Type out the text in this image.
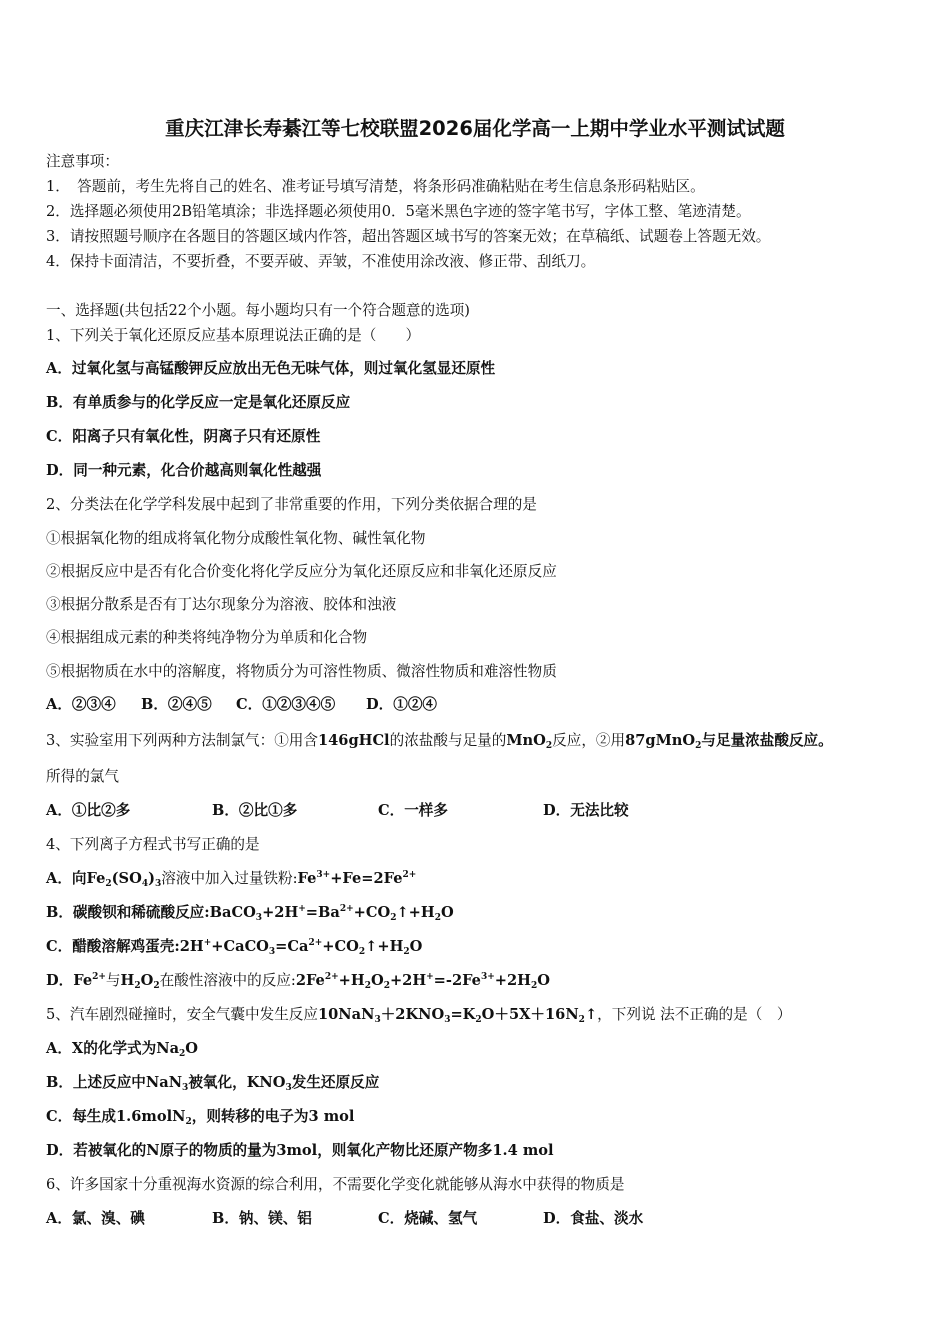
重庆江津长寿綦江等七校联盟2026届化学高一上期中学业水平测试试题
注意事项：
1．　答题前，考生先将自己的姓名、准考证号填写清楚，将条形码准确粘贴在考生信息条形码粘贴区。
2．选择题必须使用2B铅笔填涂；非选择题必须使用0．5毫米黑色字迹的签字笔书写，字体工整、笔迹清楚。
3．请按照题号顺序在各题目的答题区域内作答，超出答题区域书写的答案无效；在草稿纸、试题卷上答题无效。
4．保持卡面清洁，不要折叠，不要弄破、弄皱，不准使用涂改液、修正带、刮纸刀。
一、选择题(共包括22个小题。每小题均只有一个符合题意的选项)
1、下列关于氧化还原反应基本原理说法正确的是（　　）
A．过氧化氢与高锰酸钾反应放出无色无味气体，则过氧化氢显还原性
B．有单质参与的化学反应一定是氧化还原反应
C．阳离子只有氧化性，阴离子只有还原性
D．同一种元素，化合价越高则氧化性越强
2、分类法在化学学科发展中起到了非常重要的作用，下列分类依据合理的是
①根据氧化物的组成将氧化物分成酸性氧化物、碱性氧化物
②根据反应中是否有化合价变化将化学反应分为氧化还原反应和非氧化还原反应
③根据分散系是否有丁达尔现象分为溶液、胶体和浊液
④根据组成元素的种类将纯净物分为单质和化合物
⑤根据物质在水中的溶解度，将物质分为可溶性物质、微溶性物质和难溶性物质
A．②③④ B．②④⑤ C．①②③④⑤ D．①②④
3、实验室用下列两种方法制氯气：①用含146gHCl的浓盐酸与足量的MnO$_2$反应，②用87gMnO$_2$与足量浓盐酸反应。
所得的氯气
A．①比②多	B．②比①多	C．一样多	D．无法比较
4、下列离子方程式书写正确的是
A．向$Fe_2(SO_4)_3$溶液中加入过量铁粉$:Fe^{3+}+Fe=2Fe^{2+}$
B．碳酸钡和稀硫酸反应$:BaCO_3+2H^+=Ba^{2+}+CO_2↑+H_2O$
C．醋酸溶解鸡蛋壳$:2H^++CaCO_3=Ca^{2+}+CO_2↑+H_2O$
D．$Fe^{2+}$与$H_2O_2$在酸性溶液中的反应$:2Fe^{2+}+H_2O_2+2H^+=-2Fe^{3+}+2H_2O$
5、汽车剧烈碰撞时，安全气囊中发生反应$10NaN_3+2KNO_3=K_2O+5X+16N_2↑$，下列说 法不正确的是（　）
A．X的化学式为$Na_2O$
B．上述反应中NaN$_3$被氧化，$KNO_3$发生还原反应
C．每生成1.6molN$_2$，则转移的电子为3 mol
D．若被氧化的N原子的物质的量为3mol，则氧化产物比还原产物多1.4 mol
6、许多国家十分重视海水资源的综合利用，不需要化学变化就能够从海水中获得的物质是
A．氯、溴、碘	B．钠、镁、铝	C．烧碱、氢气	D．食盐、淡水
